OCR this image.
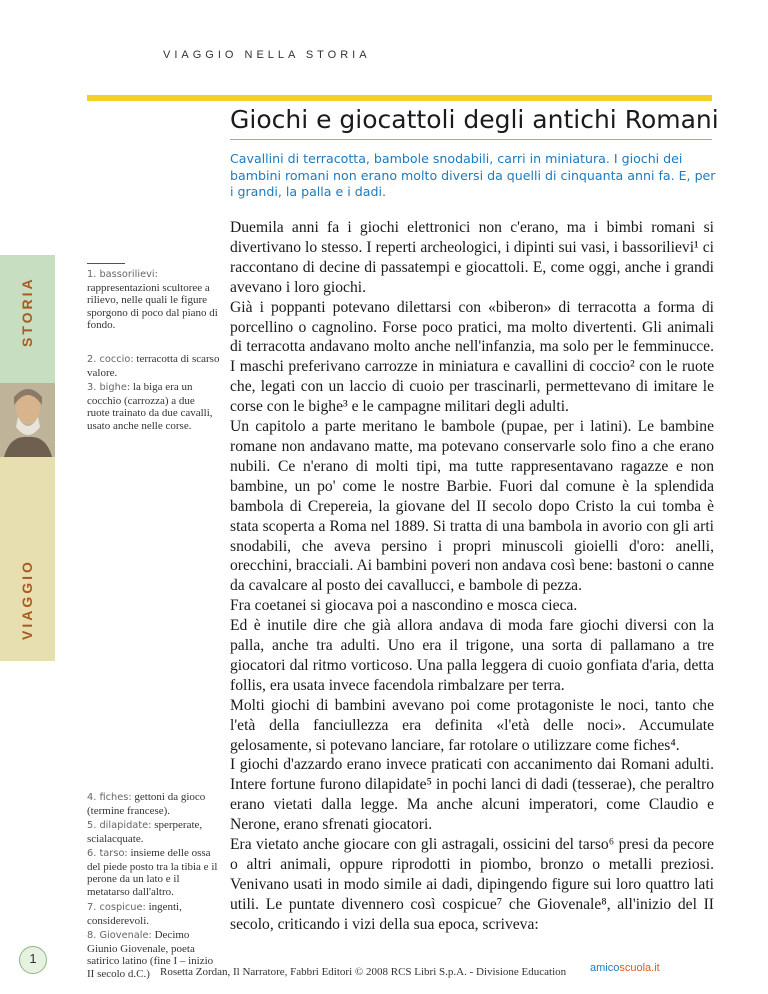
VIAGGIO NELLA STORIA
Giochi e giocattoli degli antichi Romani
Cavallini di terracotta, bambole snodabili, carri in miniatura. I giochi dei bambini romani non erano molto diversi da quelli di cinquanta anni fa. E, per i grandi, la palla e i dadi.
STORIA
VIAGGIO
1. bassorilievi: rappresentazioni scultoree a rilievo, nelle quali le figure sporgono di poco dal piano di fondo.
2. coccio: terracotta di scarso valore.
3. bighe: la biga era un cocchio (carrozza) a due ruote trainato da due cavalli, usato anche nelle corse.
4. fiches: gettoni da gioco (termine francese).
5. dilapidate: sperperate, scialacquate.
6. tarso: insieme delle ossa del piede posto tra la tibia e il perone da un lato e il metatarso dall'altro.
7. cospicue: ingenti, considerevoli.
8. Giovenale: Decimo Giunio Giovenale, poeta satirico latino (fine I – inizio II secolo d.C.)

Duemila anni fa i giochi elettronici non c'erano, ma i bimbi romani si divertivano lo stesso. I reperti archeologici, i dipinti sui vasi, i bassorilievi¹ ci raccontano di decine di passatempi e giocattoli. E, come oggi, anche i grandi avevano i loro giochi.

Già i poppanti potevano dilettarsi con «biberon» di terracotta a forma di porcellino o cagnolino. Forse poco pratici, ma molto divertenti. Gli animali di terracotta andavano molto anche nell'infanzia, ma solo per le femminucce. I maschi preferivano carrozze in miniatura e cavallini di coccio² con le ruote che, legati con un laccio di cuoio per trascinarli, permettevano di imitare le corse con le bighe³ e le campagne militari degli adulti.

Un capitolo a parte meritano le bambole (pupae, per i latini). Le bambine romane non andavano matte, ma potevano conservarle solo fino a che erano nubili. Ce n'erano di molti tipi, ma tutte rappresentavano ragazze e non bambine, un po' come le nostre Barbie. Fuori dal comune è la splendida bambola di Crepereia, la giovane del II secolo dopo Cristo la cui tomba è stata scoperta a Roma nel 1889. Si tratta di una bambola in avorio con gli arti snodabili, che aveva persino i propri minuscoli gioielli d'oro: anelli, orecchini, bracciali. Ai bambini poveri non andava così bene: bastoni o canne da cavalcare al posto dei cavallucci, e bambole di pezza.

Fra coetanei si giocava poi a nascondino e mosca cieca.

Ed è inutile dire che già allora andava di moda fare giochi diversi con la palla, anche tra adulti. Uno era il trigone, una sorta di pallamano a tre giocatori dal ritmo vorticoso. Una palla leggera di cuoio gonfiata d'aria, detta follis, era usata invece facendola rimbalzare per terra.

Molti giochi di bambini avevano poi come protagoniste le noci, tanto che l'età della fanciullezza era definita «l'età delle noci». Accumulate gelosamente, si potevano lanciare, far rotolare o utilizzare come fiches⁴.

I giochi d'azzardo erano invece praticati con accanimento dai Romani adulti. Intere fortune furono dilapidate⁵ in pochi lanci di dadi (tesserae), che peraltro erano vietati dalla legge. Ma anche alcuni imperatori, come Claudio e Nerone, erano sfrenati giocatori.

Era vietato anche giocare con gli astragali, ossicini del tarso⁶ presi da pecore o altri animali, oppure riprodotti in piombo, bronzo o metalli preziosi. Venivano usati in modo simile ai dadi, dipingendo figure sui loro quattro lati utili. Le puntate divennero così cospicue⁷ che Giovenale⁸, all'inizio del II secolo, criticando i vizi della sua epoca, scriveva:

1
Rosetta Zordan, Il Narratore, Fabbri Editori © 2008 RCS Libri S.p.A. - Divisione Education amicoscuola.it
